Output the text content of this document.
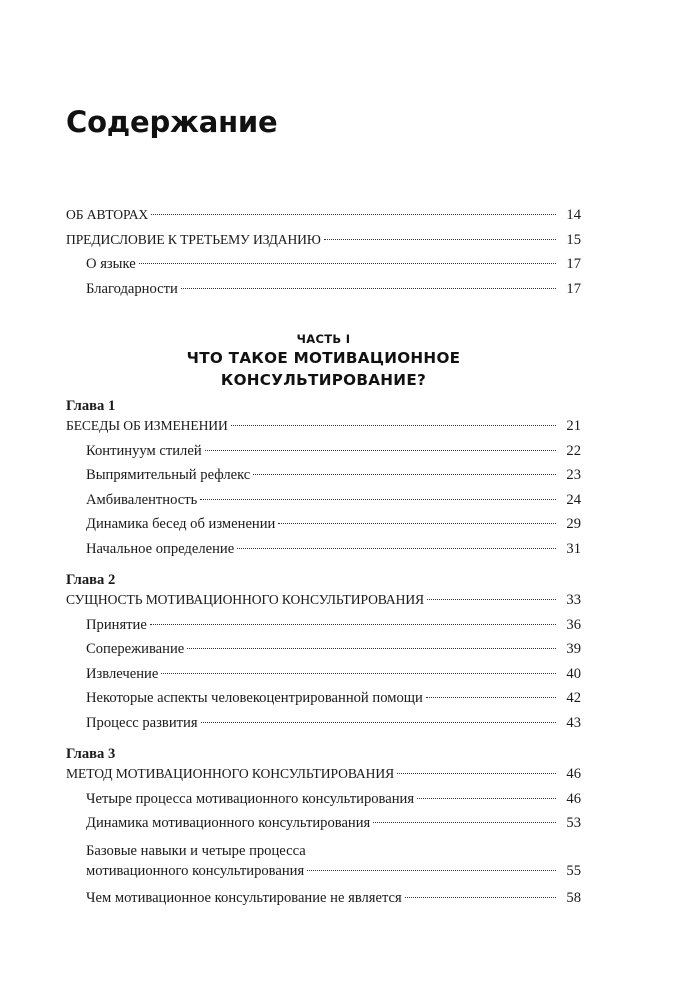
Содержание
ОБ АВТОРАХ	14
ПРЕДИСЛОВИЕ К ТРЕТЬЕМУ ИЗДАНИЮ	15
О языке	17
Благодарности	17
ЧАСТЬ I
ЧТО ТАКОЕ МОТИВАЦИОННОЕ
КОНСУЛЬТИРОВАНИЕ?
Глава 1
БЕСЕДЫ ОБ ИЗМЕНЕНИИ	21
Континуум стилей	22
Выпрямительный рефлекс	23
Амбивалентность	24
Динамика бесед об изменении	29
Начальное определение	31
Глава 2
СУЩНОСТЬ МОТИВАЦИОННОГО КОНСУЛЬТИРОВАНИЯ	33
Принятие	36
Сопереживание	39
Извлечение	40
Некоторые аспекты человекоцентрированной помощи	42
Процесс развития	43
Глава 3
МЕТОД МОТИВАЦИОННОГО КОНСУЛЬТИРОВАНИЯ	46
Четыре процесса мотивационного консультирования	46
Динамика мотивационного консультирования	53
Базовые навыки и четыре процесса
мотивационного консультирования	55
Чем мотивационное консультирование не является	58
